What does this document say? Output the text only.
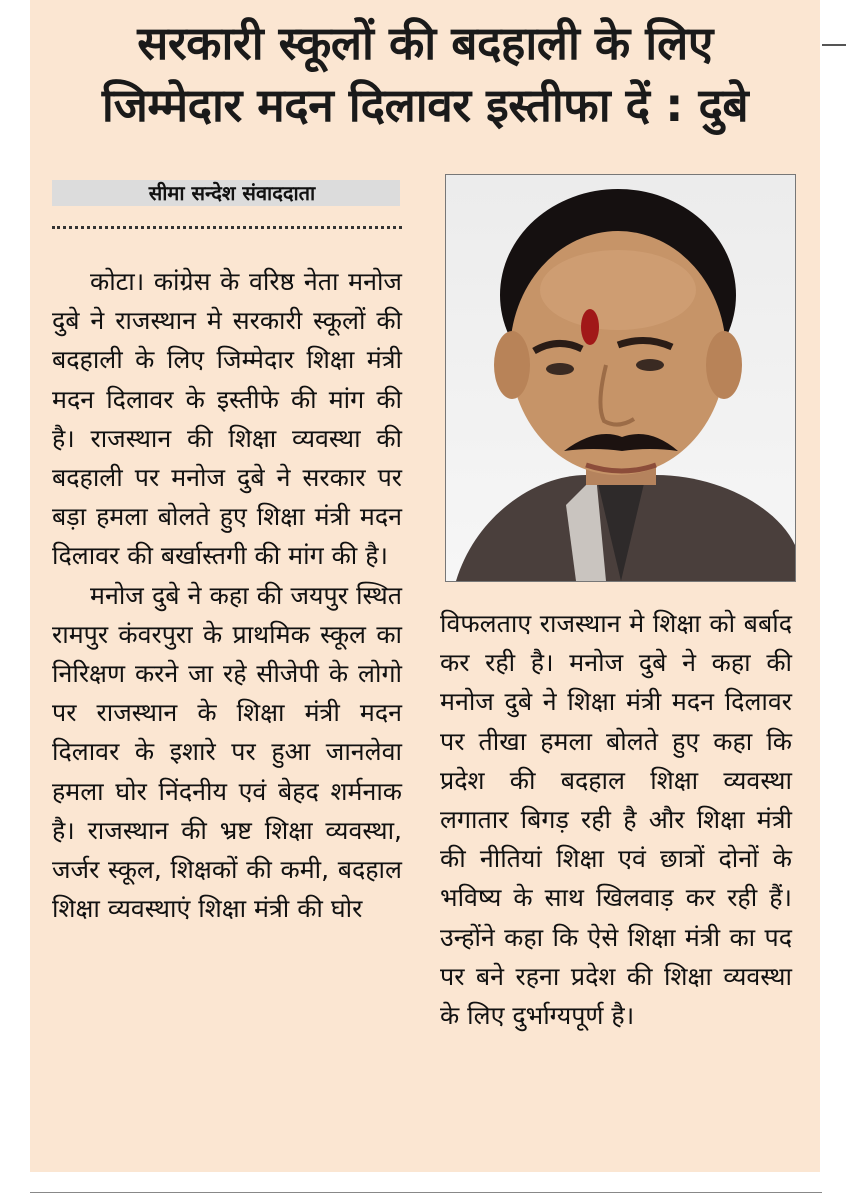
सरकारी स्कूलों की बदहाली के लिए
जिम्मेदार मदन दिलावर इस्तीफा दें : दुबे
सीमा सन्देश संवाददाता

कोटा। कांग्रेस के वरिष्ठ नेता मनोज दुबे ने राजस्थान मे सरकारी स्कूलों की बदहाली के लिए जिम्मेदार शिक्षा मंत्री मदन दिलावर के इस्तीफे की मांग की है। राजस्थान की शिक्षा व्यवस्था की बदहाली पर मनोज दुबे ने सरकार पर बड़ा हमला बोलते हुए शिक्षा मंत्री मदन दिलावर की बर्खास्तगी की मांग की है।

मनोज दुबे ने कहा की जयपुर स्थित रामपुर कंवरपुरा के प्राथमिक स्कूल का निरिक्षण करने जा रहे सीजेपी के लोगो पर राजस्थान के शिक्षा मंत्री मदन दिलावर के इशारे पर हुआ जानलेवा हमला घोर निंदनीय एवं बेहद शर्मनाक है। राजस्थान की भ्रष्ट शिक्षा व्यवस्था, जर्जर स्कूल, शिक्षकों की कमी, बदहाल शिक्षा व्यवस्थाएं शिक्षा मंत्री की घोर

विफलताए राजस्थान मे शिक्षा को बर्बाद कर रही है। मनोज दुबे ने कहा की मनोज दुबे ने शिक्षा मंत्री मदन दिलावर पर तीखा हमला बोलते हुए कहा कि प्रदेश की बदहाल शिक्षा व्यवस्था लगातार बिगड़ रही है और शिक्षा मंत्री की नीतियां शिक्षा एवं छात्रों दोनों के भविष्य के साथ खिलवाड़ कर रही हैं। उन्होंने कहा कि ऐसे शिक्षा मंत्री का पद पर बने रहना प्रदेश की शिक्षा व्यवस्था के लिए दुर्भाग्यपूर्ण है।
